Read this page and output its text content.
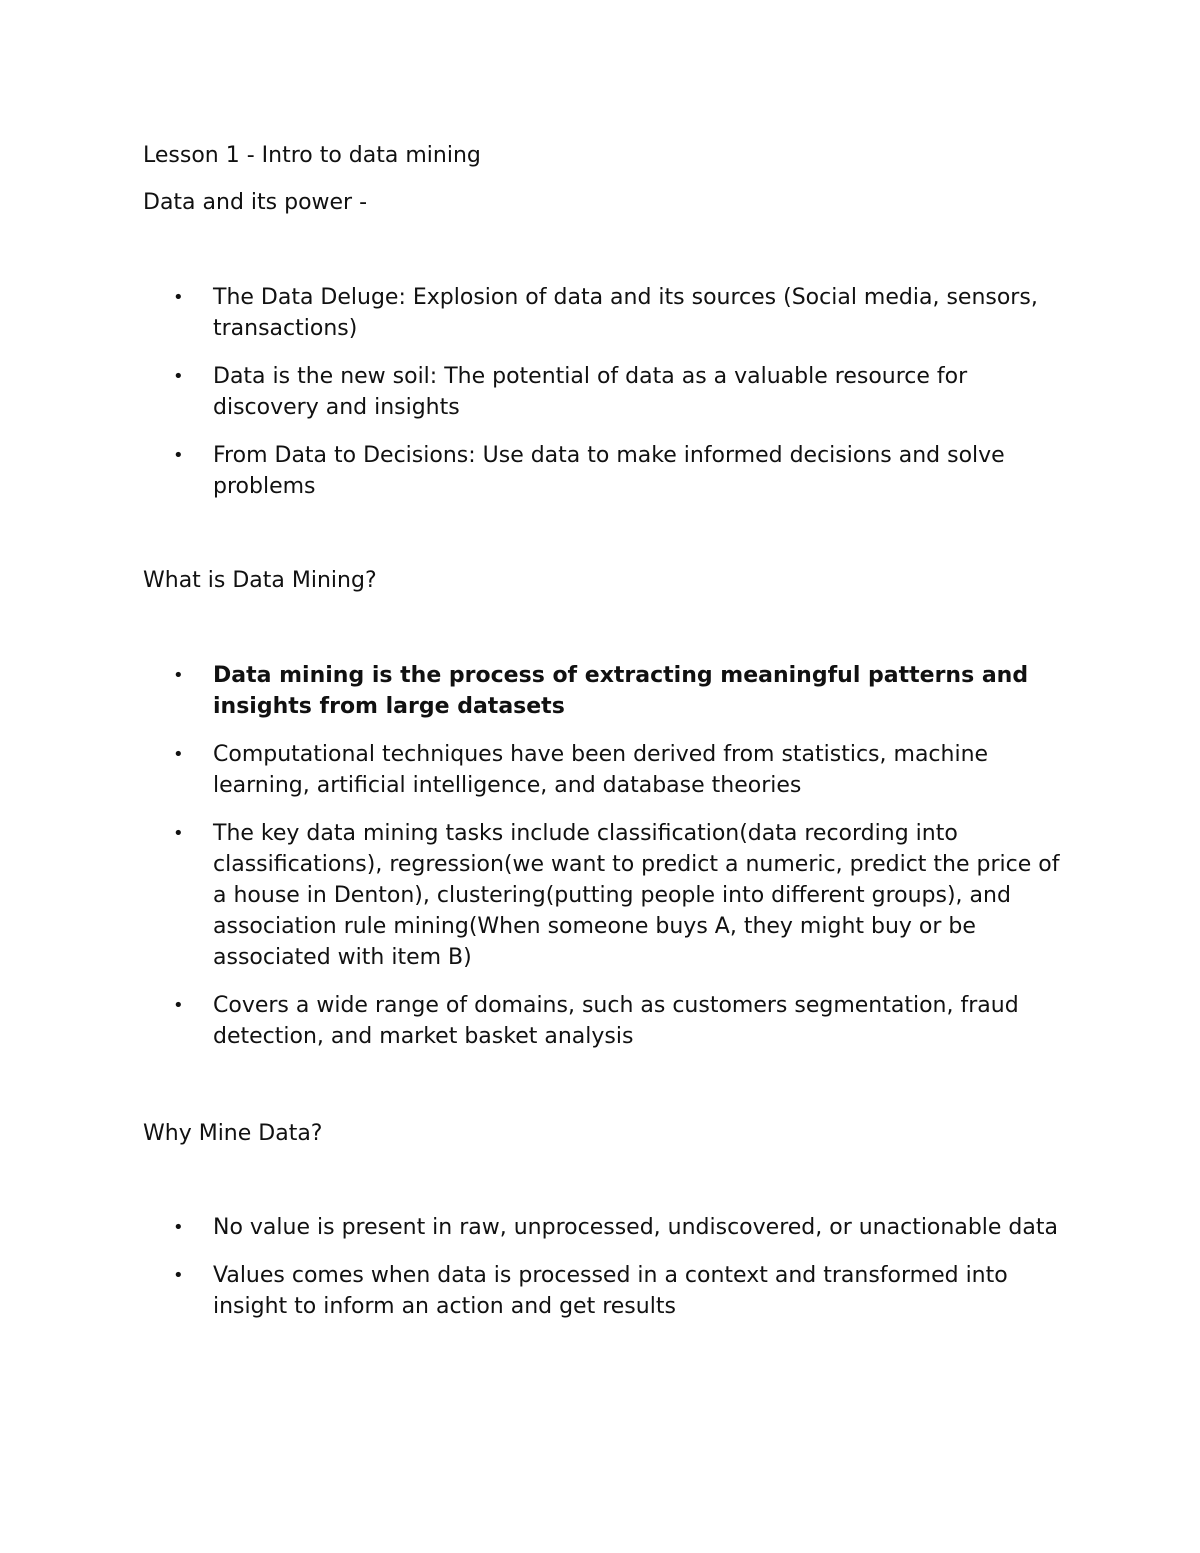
Lesson 1 - Intro to data mining

Data and its power -

• The Data Deluge: Explosion of data and its sources (Social media, sensors, transactions)
• Data is the new soil: The potential of data as a valuable resource for discovery and insights
• From Data to Decisions: Use data to make informed decisions and solve problems

What is Data Mining?

• Data mining is the process of extracting meaningful patterns and insights from large datasets
• Computational techniques have been derived from statistics, machine learning, artificial intelligence, and database theories
• The key data mining tasks include classification(data recording into classifications), regression(we want to predict a numeric, predict the price of a house in Denton), clustering(putting people into different groups), and association rule mining(When someone buys A, they might buy or be associated with item B)
• Covers a wide range of domains, such as customers segmentation, fraud detection, and market basket analysis

Why Mine Data?

• No value is present in raw, unprocessed, undiscovered, or unactionable data
• Values comes when data is processed in a context and transformed into insight to inform an action and get results
